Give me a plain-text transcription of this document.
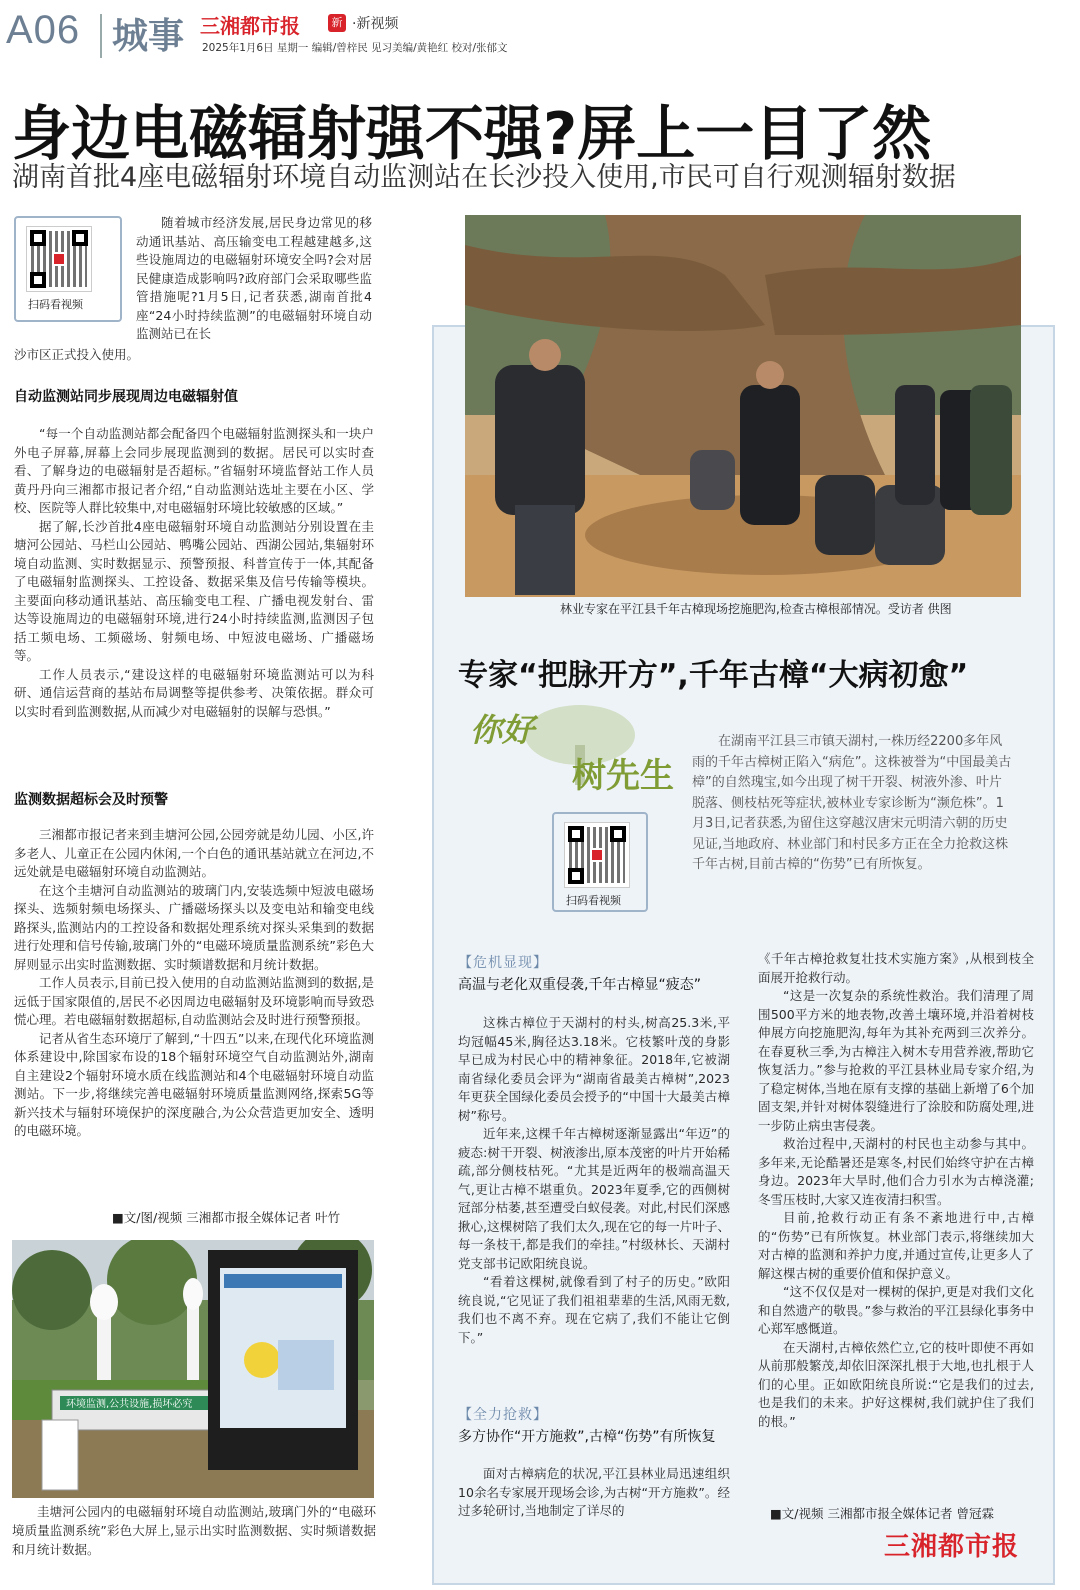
A06 城事 三湘都市报	新 ·新视频
2025年1月6日 星期一 编辑/曾梓民 见习美编/黄艳红 校对/张郁文
身边电磁辐射强不强?屏上一目了然
湖南首批4座电磁辐射环境自动监测站在长沙投入使用,市民可自行观测辐射数据
扫码看视频

随着城市经济发展,居民身边常见的移动通讯基站、高压输变电工程越建越多,这些设施周边的电磁辐射环境安全吗?会对居民健康造成影响吗?政府部门会采取哪些监管措施呢?1月5日,记者获悉,湖南首批4座“24小时持续监测”的电磁辐射环境自动监测站已在长

沙市区正式投入使用。

自动监测站同步展现周边电磁辐射值

“每一个自动监测站都会配备四个电磁辐射监测探头和一块户外电子屏幕,屏幕上会同步展现监测到的数据。居民可以实时查看、了解身边的电磁辐射是否超标。”省辐射环境监督站工作人员黄丹丹向三湘都市报记者介绍,“自动监测站选址主要在小区、学校、医院等人群比较集中,对电磁辐射环境比较敏感的区域。”

据了解,长沙首批4座电磁辐射环境自动监测站分别设置在圭塘河公园站、马栏山公园站、鸭嘴公园站、西湖公园站,集辐射环境自动监测、实时数据显示、预警预报、科普宣传于一体,其配备了电磁辐射监测探头、工控设备、数据采集及信号传输等模块。主要面向移动通讯基站、高压输变电工程、广播电视发射台、雷达等设施周边的电磁辐射环境,进行24小时持续监测,监测因子包括工频电场、工频磁场、射频电场、中短波电磁场、广播磁场等。

工作人员表示,“建设这样的电磁辐射环境监测站可以为科研、通信运营商的基站布局调整等提供参考、决策依据。群众可以实时看到监测数据,从而减少对电磁辐射的误解与恐惧。”

监测数据超标会及时预警

三湘都市报记者来到圭塘河公园,公园旁就是幼儿园、小区,许多老人、儿童正在公园内休闲,一个白色的通讯基站就立在河边,不远处就是电磁辐射环境自动监测站。

在这个圭塘河自动监测站的玻璃门内,安装选频中短波电磁场探头、选频射频电场探头、广播磁场探头以及变电站和输变电线路探头,监测站内的工控设备和数据处理系统对探头采集到的数据进行处理和信号传输,玻璃门外的“电磁环境质量监测系统”彩色大屏则显示出实时监测数据、实时频谱数据和月统计数据。

工作人员表示,目前已投入使用的自动监测站监测到的数据,是远低于国家限值的,居民不必因周边电磁辐射及环境影响而导致恐慌心理。若电磁辐射数据超标,自动监测站会及时进行预警预报。

记者从省生态环境厅了解到,“十四五”以来,在现代化环境监测体系建设中,除国家布设的18个辐射环境空气自动监测站外,湖南自主建设2个辐射环境水质在线监测站和4个电磁辐射环境自动监测站。下一步,将继续完善电磁辐射环境质量监测网络,探索5G等新兴技术与辐射环境保护的深度融合,为公众营造更加安全、透明的电磁环境。

■文/图/视频 三湘都市报全媒体记者 叶竹
环境监测,公共设施,损坏必究

圭塘河公园内的电磁辐射环境自动监测站,玻璃门外的“电磁环境质量监测系统”彩色大屏上,显示出实时监测数据、实时频谱数据和月统计数据。

林业专家在平江县千年古樟现场挖施肥沟,检查古樟根部情况。受访者 供图
专家“把脉开方”,千年古樟“大病初愈”
你好
树先生
扫码看视频

在湖南平江县三市镇天湖村,一株历经2200多年风雨的千年古樟树正陷入“病危”。这株被誉为“中国最美古樟”的自然瑰宝,如今出现了树干开裂、树液外渗、叶片脱落、侧枝枯死等症状,被林业专家诊断为“濒危株”。1月3日,记者获悉,为留住这穿越汉唐宋元明清六朝的历史见证,当地政府、林业部门和村民多方正在全力抢救这株千年古树,目前古樟的“伤势”已有所恢复。

【危机显现】
高温与老化双重侵袭,千年古樟显“疲态”

这株古樟位于天湖村的村头,树高25.3米,平均冠幅45米,胸径达3.18米。它枝繁叶茂的身影早已成为村民心中的精神象征。2018年,它被湖南省绿化委员会评为“湖南省最美古樟树”,2023年更获全国绿化委员会授予的“中国十大最美古樟树”称号。

近年来,这棵千年古樟树逐渐显露出“年迈”的疲态:树干开裂、树液渗出,原本茂密的叶片开始稀疏,部分侧枝枯死。“尤其是近两年的极端高温天气,更让古樟不堪重负。2023年夏季,它的西侧树冠部分枯萎,甚至遭受白蚁侵袭。对此,村民们深感揪心,这棵树陪了我们太久,现在它的每一片叶子、每一条枝干,都是我们的牵挂。”村级林长、天湖村党支部书记欧阳统良说。

“看着这棵树,就像看到了村子的历史。”欧阳统良说,“它见证了我们祖祖辈辈的生活,风雨无数,我们也不离不弃。现在它病了,我们不能让它倒下。”

【全力抢救】
多方协作“开方施救”,古樟“伤势”有所恢复

面对古樟病危的状况,平江县林业局迅速组织10余名专家展开现场会诊,为古树“开方施救”。经过多轮研讨,当地制定了详尽的

《千年古樟抢救复壮技术实施方案》,从根到枝全面展开抢救行动。

“这是一次复杂的系统性救治。我们清理了周围500平方米的地表物,改善土壤环境,并沿着树枝伸展方向挖施肥沟,每年为其补充两到三次养分。在春夏秋三季,为古樟注入树木专用营养液,帮助它恢复活力。”参与抢救的平江县林业局专家介绍,为了稳定树体,当地在原有支撑的基础上新增了6个加固支架,并针对树体裂缝进行了涂胶和防腐处理,进一步防止病虫害侵袭。

救治过程中,天湖村的村民也主动参与其中。多年来,无论酷暑还是寒冬,村民们始终守护在古樟身边。2023年大旱时,他们合力引水为古樟浇灌;冬雪压枝时,大家又连夜清扫积雪。

目前,抢救行动正有条不紊地进行中,古樟的“伤势”已有所恢复。林业部门表示,将继续加大对古樟的监测和养护力度,并通过宣传,让更多人了解这棵古树的重要价值和保护意义。

“这不仅仅是对一棵树的保护,更是对我们文化和自然遗产的敬畏。”参与救治的平江县绿化事务中心郑军感慨道。

在天湖村,古樟依然伫立,它的枝叶即使不再如从前那般繁茂,却依旧深深扎根于大地,也扎根于人们的心里。正如欧阳统良所说:“它是我们的过去,也是我们的未来。护好这棵树,我们就护住了我们的根。”

■文/视频 三湘都市报全媒体记者 曾冠霖
三湘都市报
